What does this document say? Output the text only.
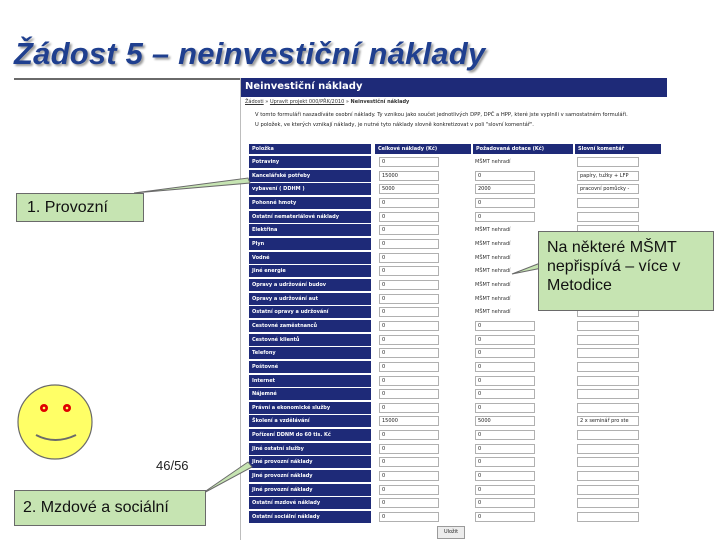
Žádost 5 – neinvestiční náklady
Neinvestiční náklady
Žádosti » Upravit projekt 000/PŘK/2010 » Neinvestiční náklady

V tomto formuláři naszadíváte osobní náklady. Ty vznikou jako součet jednotlivých DPP, DPČ a HPP, které jste vyplnili v samostatném formuláři.

U položek, ve kterých vznikají náklady, je nutné tyto náklady slovně konkretizovat v poli "slovní komentář".

Položka	Celkové náklady (Kč)	Požadovaná dotace (Kč)	Slovní komentář
Potraviny	0	MŠMT nehradí
Kancelářské potřeby	15000	0	papíry, tužky + LFP
vybavení ( DDHM )	5000	2000	pracovní pomůcky -
Pohonné hmoty	0	0
Ostatní nemateriálové náklady	0	0
Elektřina	0	MŠMT nehradí
Plyn	0	MŠMT nehradí
Vodné	0	MŠMT nehradí
Jiné energie	0	MŠMT nehradí
Opravy a udržování budov	0	MŠMT nehradí
Opravy a udržování aut	0	MŠMT nehradí
Ostatní opravy a udržování	0	MŠMT nehradí
Cestovné zaměstnanců	0	0
Cestovné klientů	0	0
Telefony	0	0
Poštovné	0	0
Internet	0	0
Nájemné	0	0
Právní a ekonomické služby	0	0
Školení a vzdělávání	15000	5000	2 x seminář pro ste
Pořízení DDNM do 60 tis. Kč	0	0
Jiné ostatní služby	0	0
Jiné provozní náklady	0	0
Jiné provozní náklady	0	0
Jiné provozní náklady	0	0
Ostatní mzdové náklady	0	0
Ostatní sociální náklady	0	0
Uložit
1. Provozní
2. Mzdové a sociální
Na některé MŠMT nepřispívá – více v Metodice
46/56
